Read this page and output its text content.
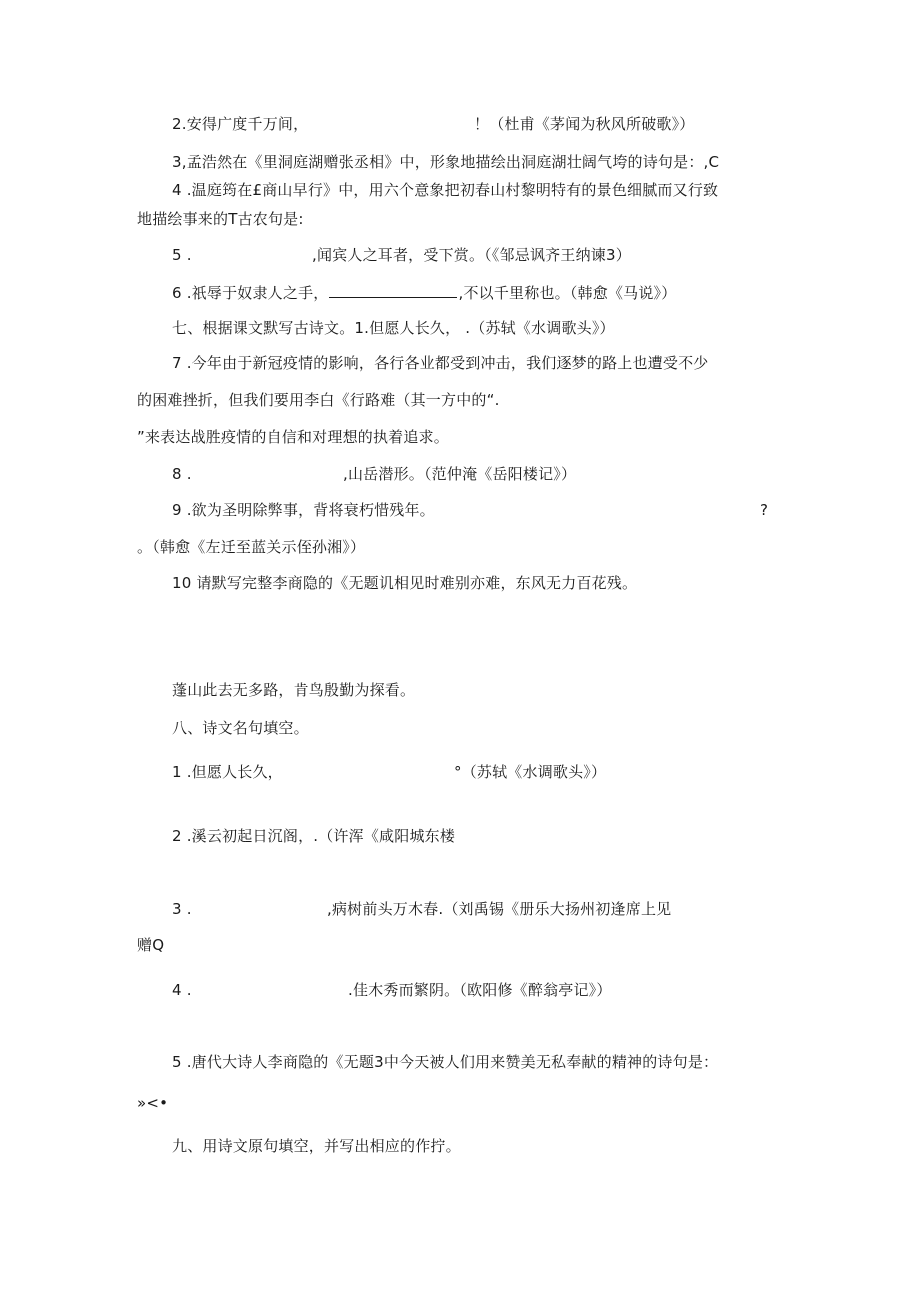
2.安得广度千万间，	！（杜甫《茅闻为秋风所破歌》）
3,孟浩然在《里洞庭湖赠张丞相》中，形象地描绘出洞庭湖壮阔气垮的诗句是：,C
4 .温庭筠在£商山早行》中，用六个意象把初春山村黎明特有的景色细腻而又行致
地描绘事来的T古农句是:
5 .	,闻宾人之耳者，受下赏。（《邹忌讽齐王纳谏3）
6 .祇辱于奴隶人之手，	,不以千里称也。（韩愈《马说》）
七、根据课文默写古诗文。1.但愿人长久， .（苏轼《水调歌头》）
7 .今年由于新冠疫情的影响，各行各业都受到冲击，我们逐梦的路上也遭受不少
的困难挫折，但我们要用李白《行路难（其一方中的“.
”来表达战胜疫情的自信和对理想的执着追求。
8 .	,山岳潜形。（范仲淹《岳阳楼记》）
9 .欲为圣明除弊事，背将衰朽惜残年。	?
。（韩愈《左迁至蓝关示侄孙湘》）
10 请默写完整李商隐的《无题讥相见时难别亦难，东风无力百花残。
蓬山此去无多路，肯鸟殷勤为探看。
八、诗文名句填空。
1 .但愿人长久，	°（苏轼《水调歌头》）
2 .溪云初起日沉阁，.（许浑《咸阳城东楼
3 .	,病树前头万木春.（刘禹锡《册乐大扬州初逢席上见
赠Q
4 .	.佳木秀而繁阴。（欧阳修《醉翁亭记》）
5 .唐代大诗人李商隐的《无题3中今天被人们用来赞美无私奉献的精神的诗句是：
»<•
九、用诗文原句填空，并写出相应的作拧。
